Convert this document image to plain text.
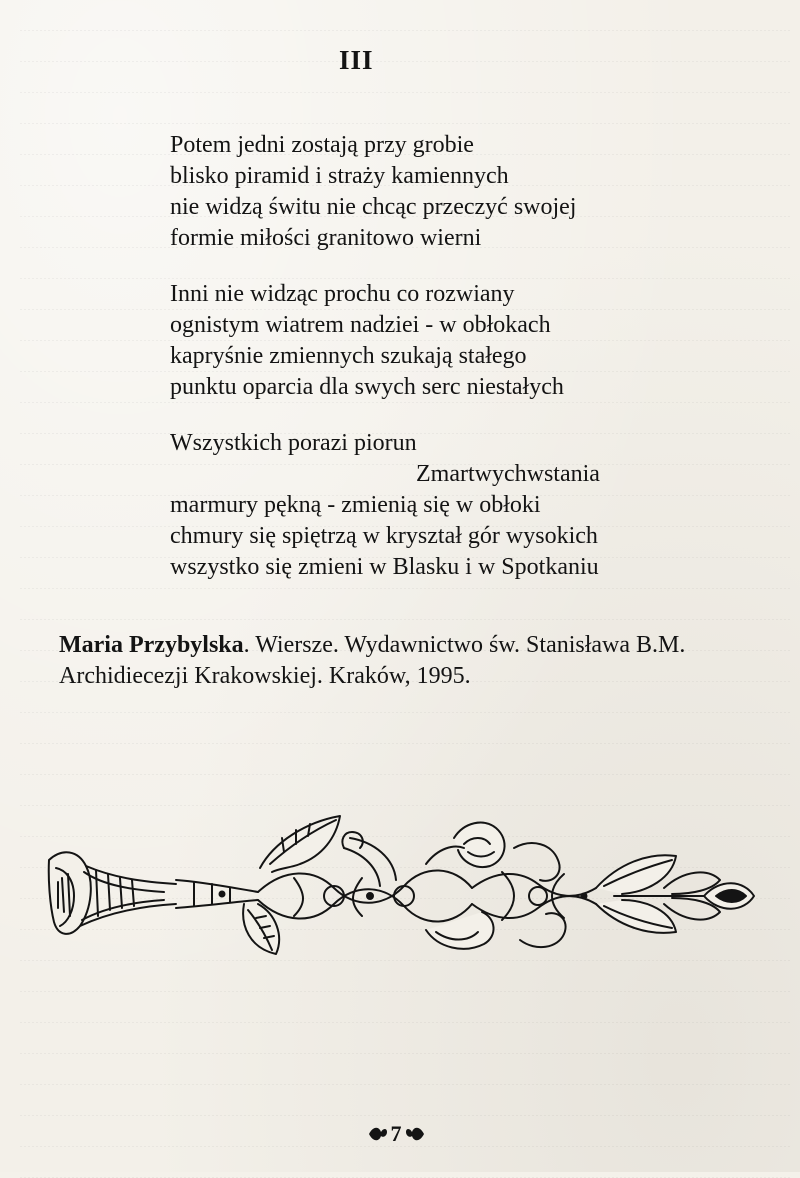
III
Potem jedni zostają przy grobie
blisko piramid i straży kamiennych
nie widzą świtu nie chcąc przeczyć swojej
formie miłości granitowo wierni
Inni nie widząc prochu co rozwiany
ognistym wiatrem nadziei - w obłokach
kapryśnie zmiennych szukają stałego
punktu oparcia dla swych serc niestałych
Wszystkich porazi piorun
Zmartwychwstania
marmury pękną - zmienią się w obłoki
chmury się spiętrzą w kryształ gór wysokich
wszystko się zmieni w Blasku i w Spotkaniu
Maria Przybylska. Wiersze. Wydawnictwo św. Stanisława B.M. Archidiecezji Krakowskiej. Kraków, 1995.
7
